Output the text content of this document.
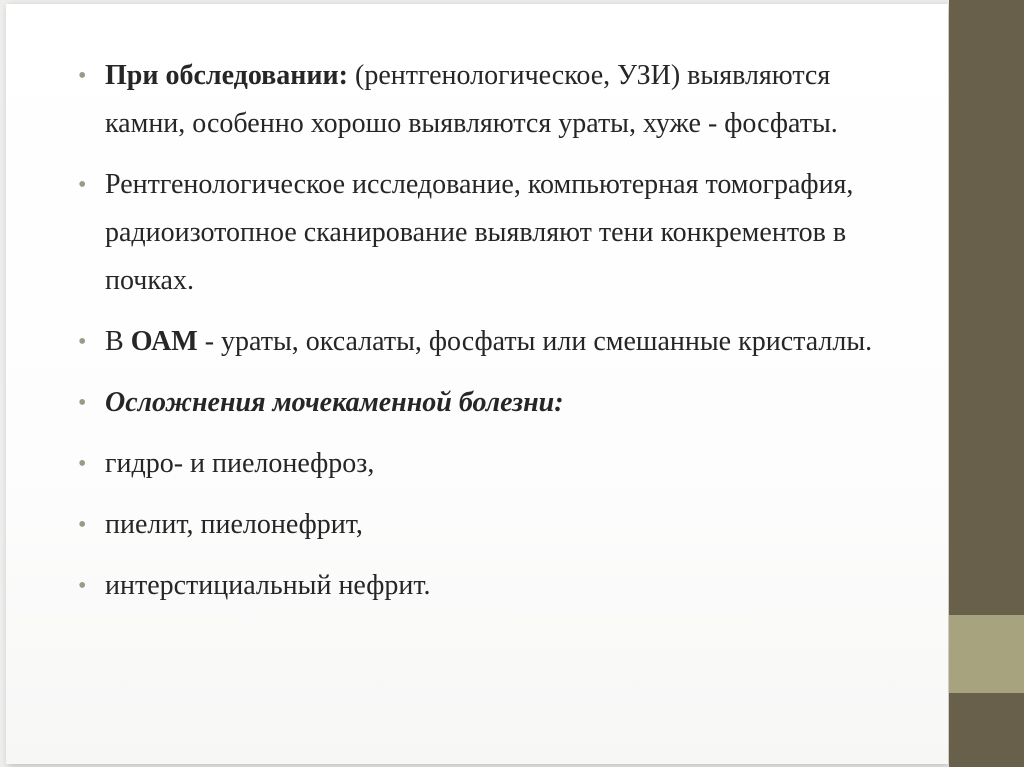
• При обследовании: (рентгенологическое, УЗИ) выявляются камни, особенно хорошо выявляются ураты, хуже - фосфаты.
• Рентгенологическое исследование, компьютерная томография, радиоизотопное сканирование выявляют тени конкрементов в почках.
• В ОАМ - ураты, оксалаты, фосфаты или смешанные кристаллы.
• Осложнения мочекаменной болезни:
• гидро- и пиелонефроз,
• пиелит, пиелонефрит,
• интерстициальный нефрит.
